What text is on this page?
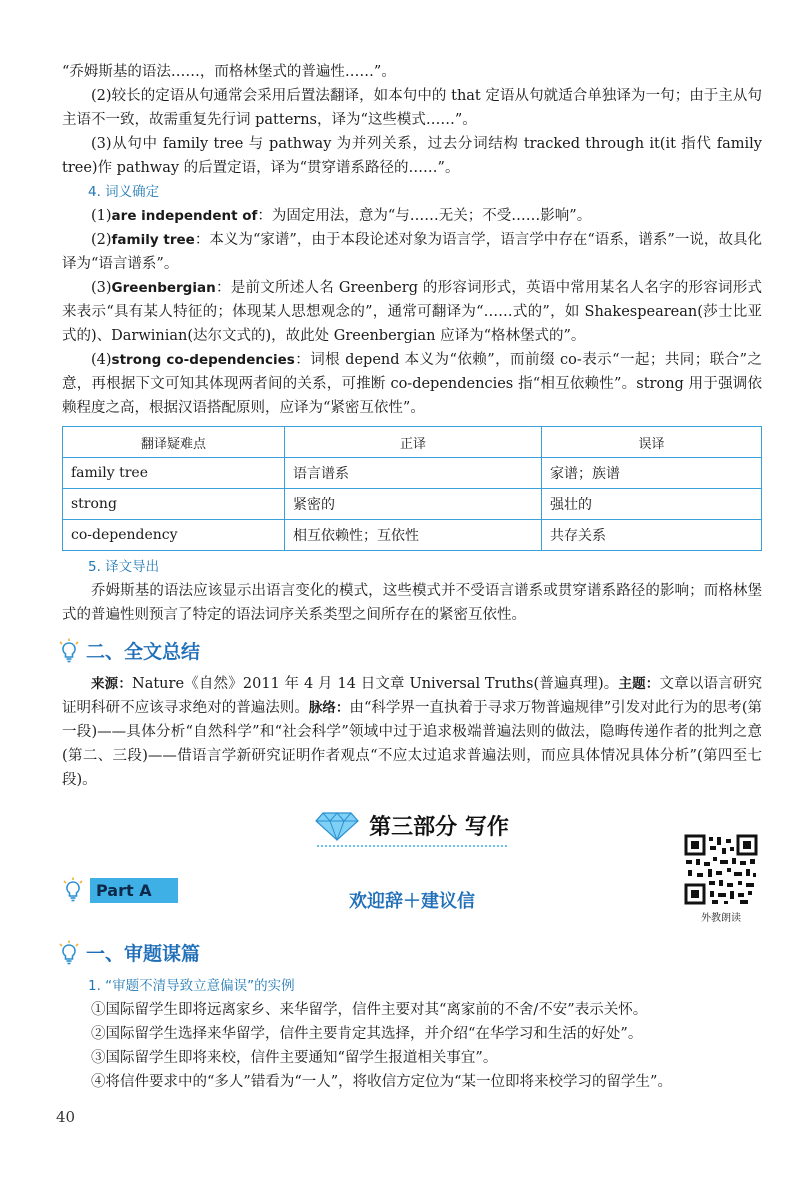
“乔姆斯基的语法……，而格林堡式的普遍性……”。

(2)较长的定语从句通常会采用后置法翻译，如本句中的 that 定语从句就适合单独译为一句；由于主从句主语不一致，故需重复先行词 patterns，译为“这些模式……”。

(3)从句中 family tree 与 pathway 为并列关系，过去分词结构 tracked through it(it 指代 family tree)作 pathway 的后置定语，译为“贯穿谱系路径的……”。

4. 词义确定

(1)are independent of：为固定用法，意为“与……无关；不受……影响”。

(2)family tree：本义为“家谱”，由于本段论述对象为语言学，语言学中存在“语系，谱系”一说，故具化译为“语言谱系”。

(3)Greenbergian：是前文所述人名 Greenberg 的形容词形式，英语中常用某名人名字的形容词形式来表示“具有某人特征的；体现某人思想观念的”，通常可翻译为“……式的”，如 Shakespearean(莎士比亚式的)、Darwinian(达尔文式的)，故此处 Greenbergian 应译为“格林堡式的”。

(4)strong co-dependencies：词根 depend 本义为“依赖”，而前缀 co-表示“一起；共同；联合”之意，再根据下文可知其体现两者间的关系，可推断 co-dependencies 指“相互依赖性”。strong 用于强调依赖程度之高，根据汉语搭配原则，应译为“紧密互依性”。

翻译疑难点	正译	误译
family tree	语言谱系	家谱；族谱
strong	紧密的	强壮的
co-dependency	相互依赖性；互依性	共存关系
5. 译文导出

乔姆斯基的语法应该显示出语言变化的模式，这些模式并不受语言谱系或贯穿谱系路径的影响；而格林堡式的普遍性则预言了特定的语法词序关系类型之间所存在的紧密互依性。

二、全文总结

来源：Nature《自然》2011 年 4 月 14 日文章 Universal Truths(普遍真理)。主题：文章以语言研究证明科研不应该寻求绝对的普遍法则。脉络：由“科学界一直执着于寻求万物普遍规律”引发对此行为的思考(第一段)——具体分析“自然科学”和“社会科学”领域中过于追求极端普遍法则的做法，隐晦传递作者的批判之意(第二、三段)——借语言学新研究证明作者观点“不应太过追求普遍法则，而应具体情况具体分析”(第四至七段)。

第三部分 写作
Part A
欢迎辞＋建议信
外教朗读
一、审题谋篇
1. “审题不清导致立意偏误”的实例

①国际留学生即将远离家乡、来华留学，信件主要对其“离家前的不舍/不安”表示关怀。

②国际留学生选择来华留学，信件主要肯定其选择，并介绍“在华学习和生活的好处”。

③国际留学生即将来校，信件主要通知“留学生报道相关事宜”。

④将信件要求中的“多人”错看为“一人”，将收信方定位为“某一位即将来校学习的留学生”。

40
